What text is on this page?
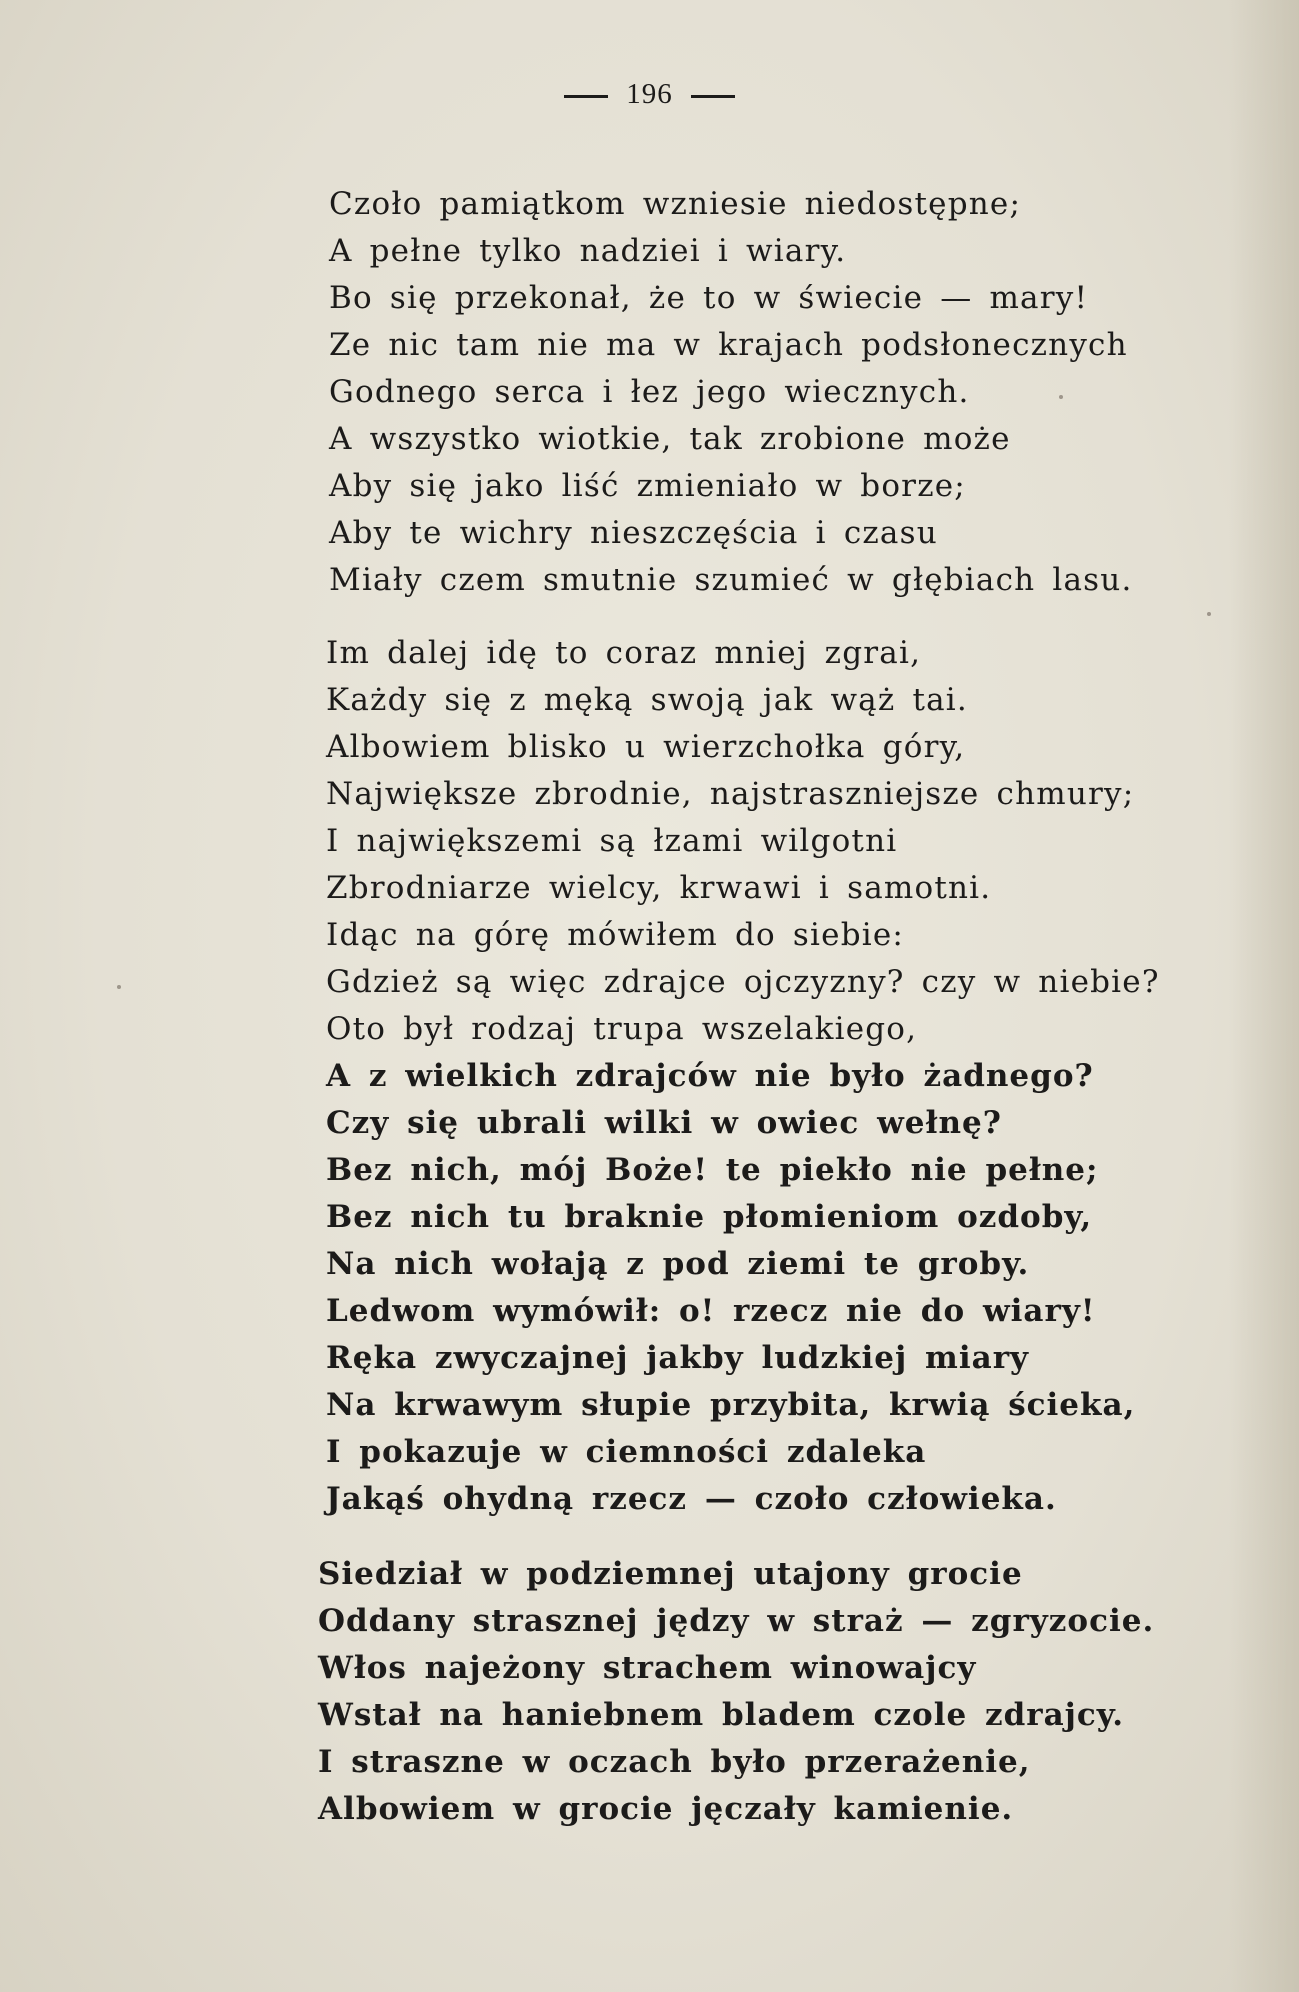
196
Czoło pamiątkom wzniesie niedostępne;
A pełne tylko nadziei i wiary.
Bo się przekonał, że to w świecie — mary!
Ze nic tam nie ma w krajach podsłonecznych
Godnego serca i łez jego wiecznych.
A wszystko wiotkie, tak zrobione może
Aby się jako liść zmieniało w borze;
Aby te wichry nieszczęścia i czasu
Miały czem smutnie szumieć w głębiach lasu.
Im dalej idę to coraz mniej zgrai,
Każdy się z męką swoją jak wąż tai.
Albowiem blisko u wierzchołka góry,
Największe zbrodnie, najstraszniejsze chmury;
I największemi są łzami wilgotni
Zbrodniarze wielcy, krwawi i samotni.
Idąc na górę mówiłem do siebie:
Gdzież są więc zdrajce ojczyzny? czy w niebie?
Oto był rodzaj trupa wszelakiego,
A z wielkich zdrajców nie było żadnego?
Czy się ubrali wilki w owiec wełnę?
Bez nich, mój Boże! te piekło nie pełne;
Bez nich tu braknie płomieniom ozdoby,
Na nich wołają z pod ziemi te groby.
Ledwom wymówił: o! rzecz nie do wiary!
Ręka zwyczajnej jakby ludzkiej miary
Na krwawym słupie przybita, krwią ścieka,
I pokazuje w ciemności zdaleka
Jakąś ohydną rzecz — czoło człowieka.
Siedział w podziemnej utajony grocie
Oddany strasznej jędzy w straż — zgryzocie.
Włos najeżony strachem winowajcy
Wstał na haniebnem bladem czole zdrajcy.
I straszne w oczach było przerażenie,
Albowiem w grocie jęczały kamienie.
